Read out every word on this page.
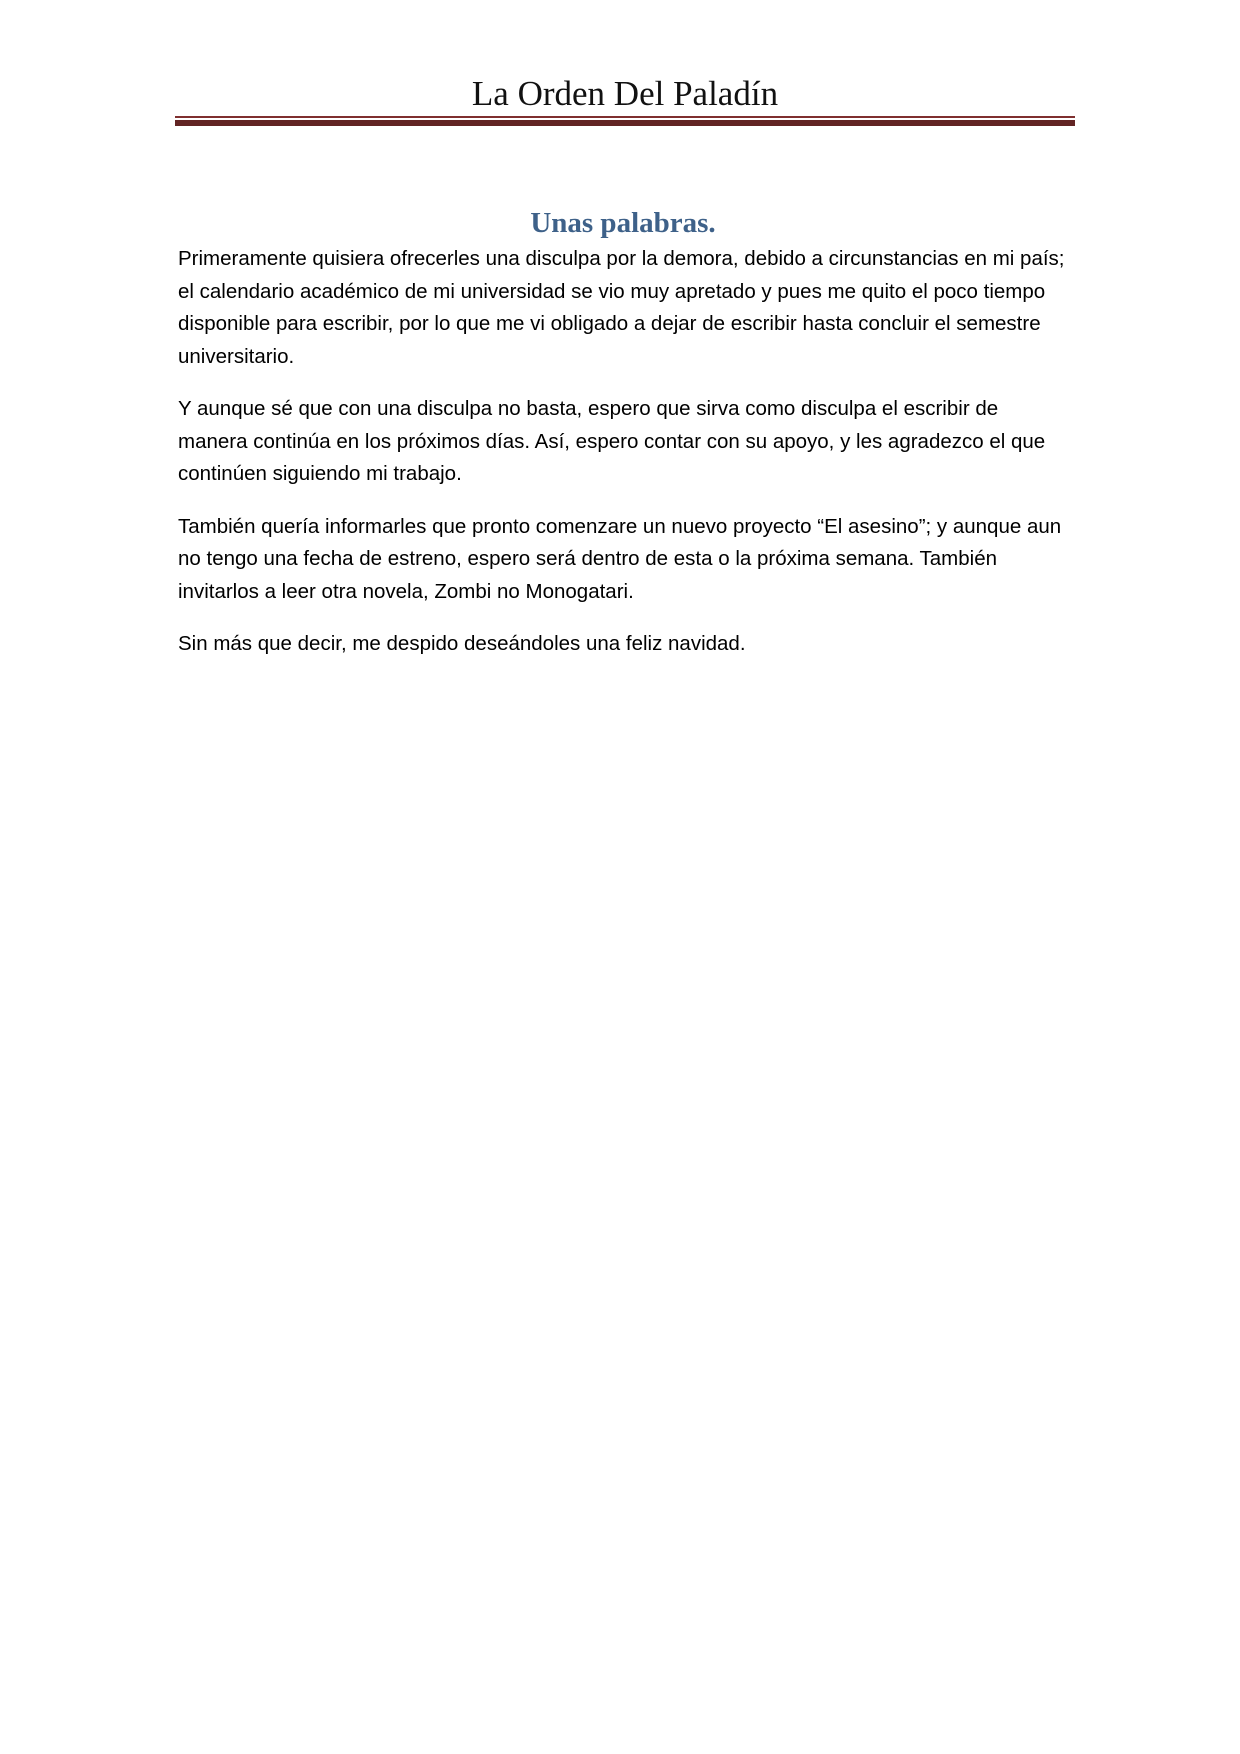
La Orden Del Paladín
Unas palabras.

Primeramente quisiera ofrecerles una disculpa por la demora, debido a circunstancias en mi país; el calendario académico de mi universidad se vio muy apretado y pues me quito el poco tiempo disponible para escribir, por lo que me vi obligado a dejar de escribir hasta concluir el semestre universitario.

Y aunque sé que con una disculpa no basta, espero que sirva como disculpa el escribir de manera continúa en los próximos días. Así, espero contar con su apoyo, y les agradezco el que continúen siguiendo mi trabajo.

También quería informarles que pronto comenzare un nuevo proyecto “El asesino”; y aunque aun no tengo una fecha de estreno, espero será dentro de esta o la próxima semana. También invitarlos a leer otra novela, Zombi no Monogatari.

Sin más que decir, me despido deseándoles una feliz navidad.
